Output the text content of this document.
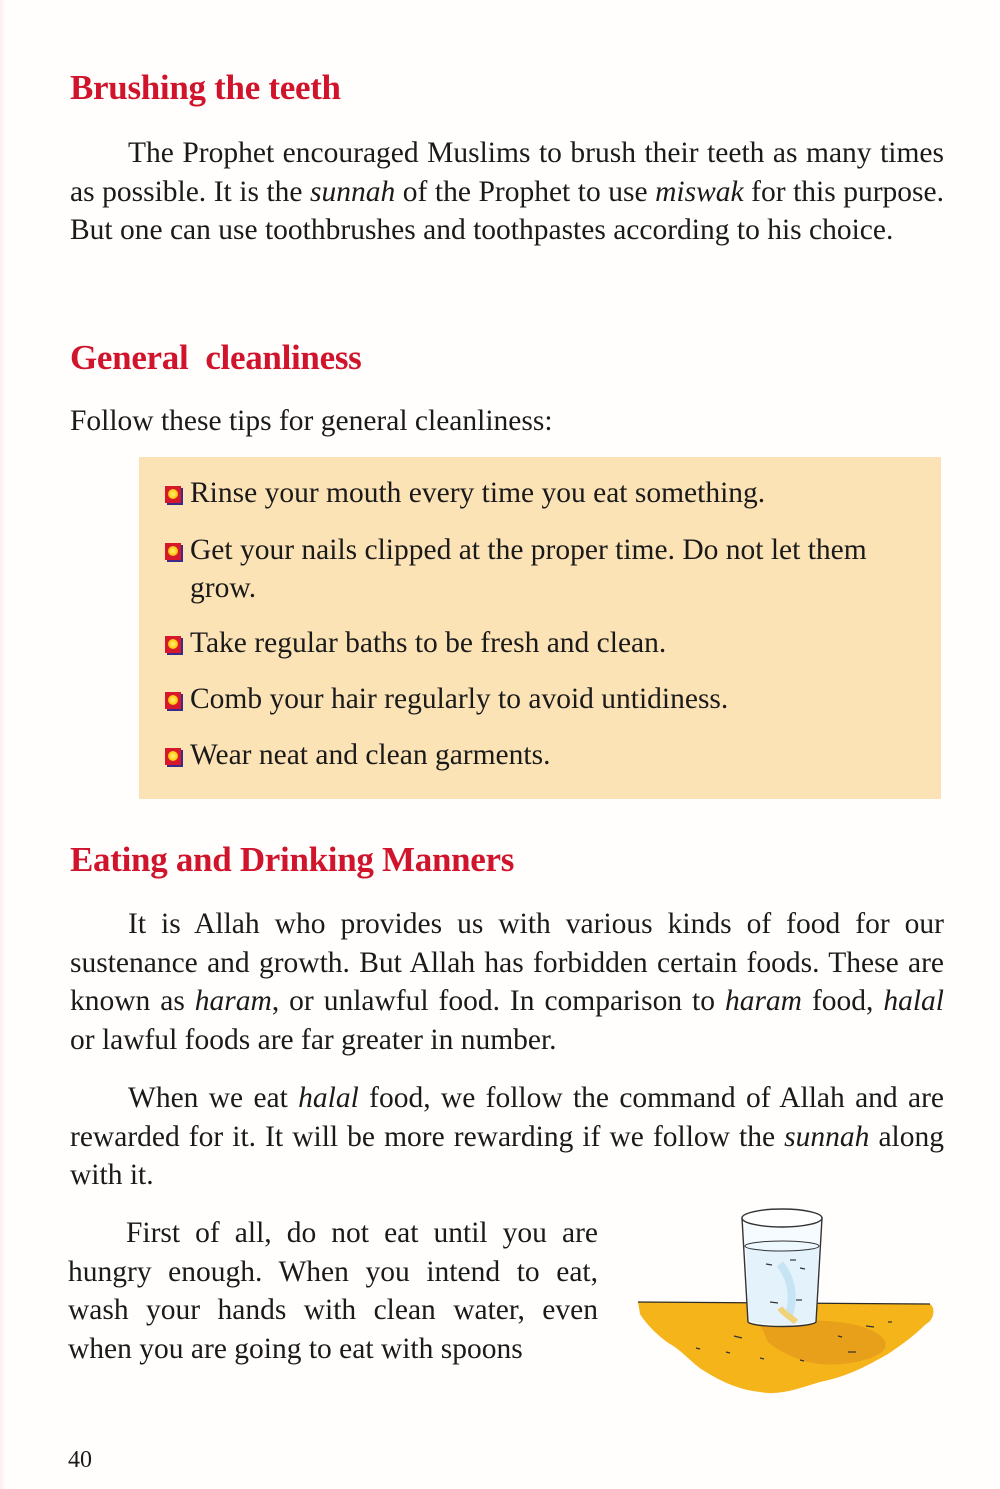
Brushing the teeth

The Prophet encouraged Muslims to brush their teeth as many times as possible. It is the sunnah of the Prophet to use miswak for this purpose. But one can use toothbrushes and toothpastes according to his choice.

General  cleanliness

Follow these tips for general cleanliness:

Rinse your mouth every time you eat something.
Get your nails clipped at the proper time. Do not let them grow.
Take regular baths to be fresh and clean.
Comb your hair regularly to avoid untidiness.
Wear neat and clean garments.
Eating and Drinking Manners

It is Allah who provides us with various kinds of food for our sustenance and growth. But Allah has forbidden certain foods. These are known as haram, or unlawful food. In comparison to haram food, halal or lawful foods are far greater in number.

When we eat halal food, we follow the command of Allah and are rewarded for it. It will be more rewarding if we follow the sunnah along with it.

First of all, do not eat until you are hungry enough. When you intend to eat, wash your hands with clean water, even when you are going to eat with spoons

40
